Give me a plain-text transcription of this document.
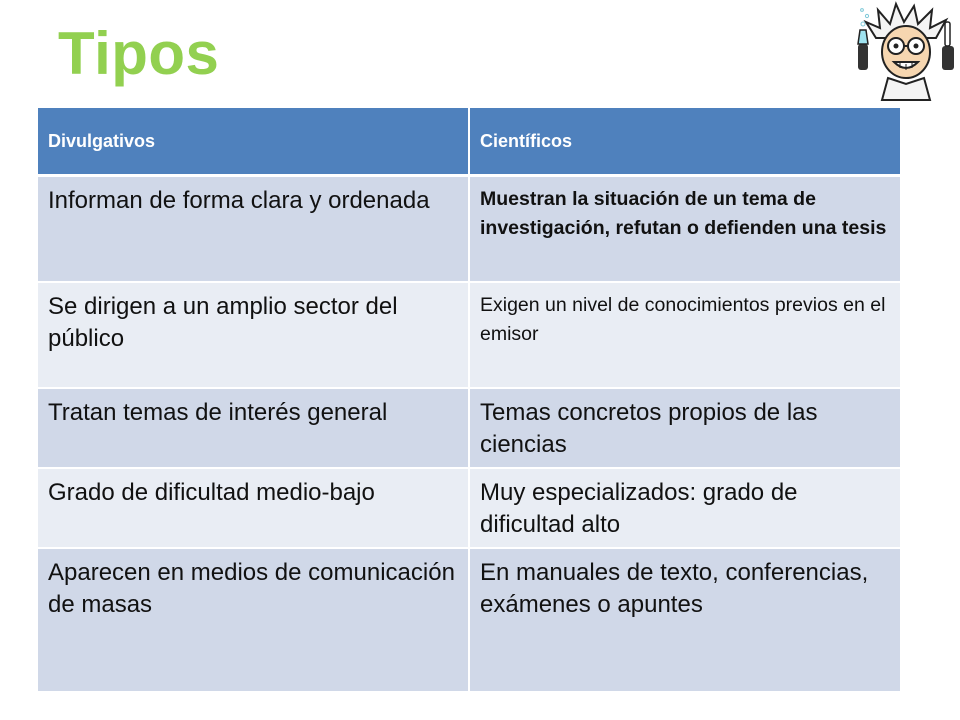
Tipos
Divulgativos	Científicos
Informan de forma clara y ordenada	Muestran la situación de un tema de investigación, refutan o defienden una tesis
Se dirigen a un amplio sector del público	Exigen un nivel de conocimientos previos en el emisor
Tratan temas de interés general	Temas concretos propios de las ciencias
Grado de dificultad medio-bajo	Muy especializados: grado de dificultad alto
Aparecen en medios de comunicación de masas	En manuales de texto, conferencias, exámenes o apuntes
